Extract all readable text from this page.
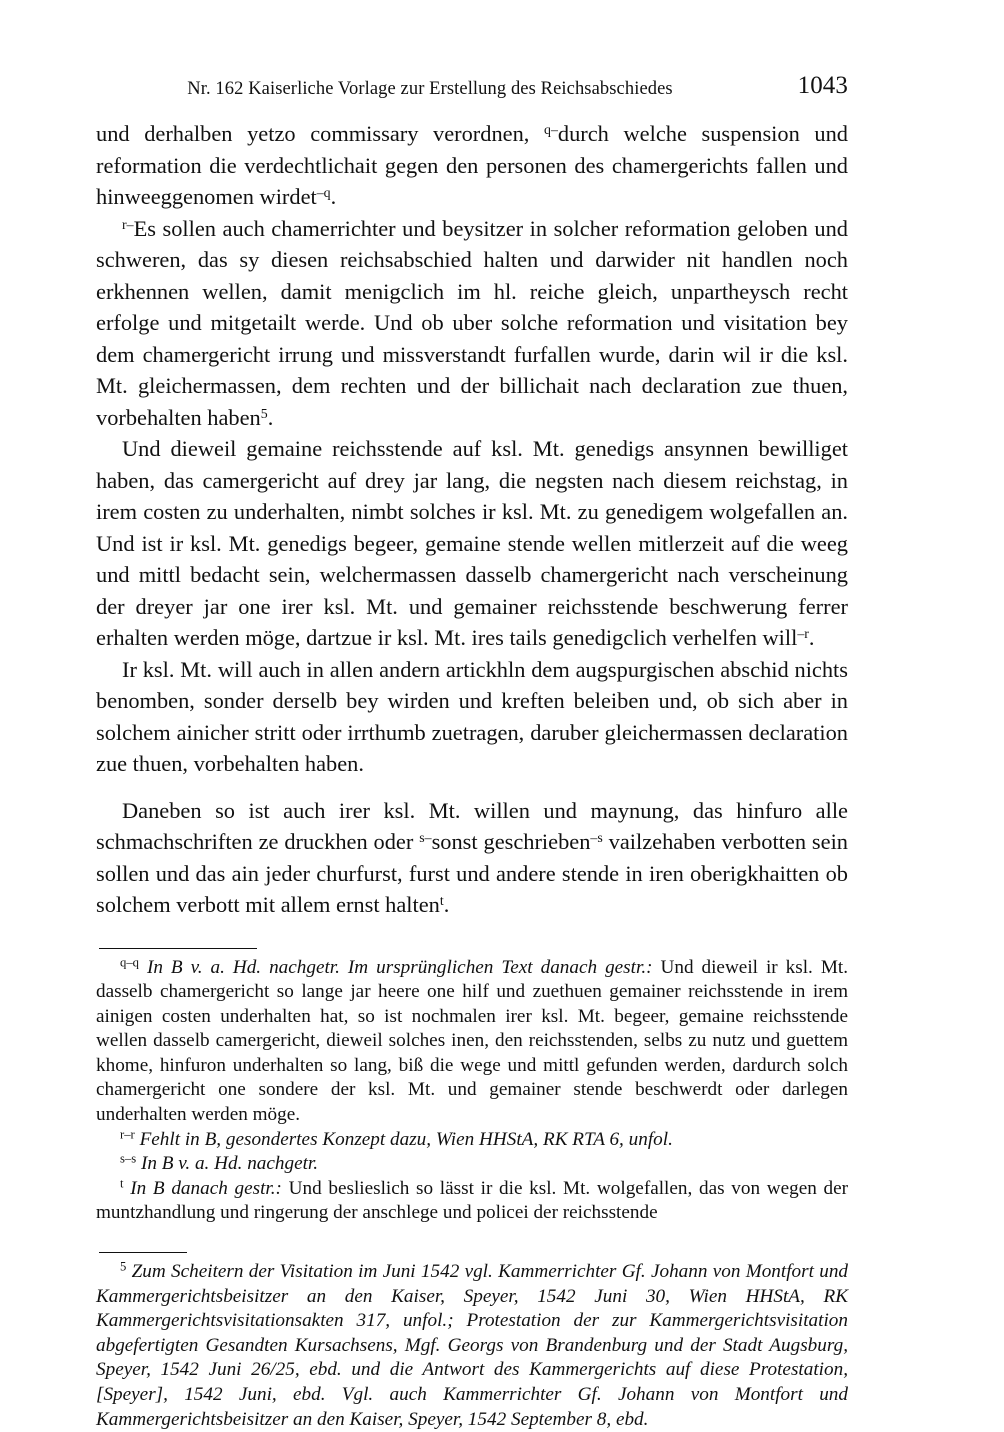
Nr. 162 Kaiserliche Vorlage zur Erstellung des Reichsabschiedes	1043

und derhalben yetzo commissary verordnen, $^{q-}$durch welche suspension und reformation die verdechtlichait gegen den personen des chamergerichts fallen und hinweeggenomen wirdet$^{-q}$.

$^{r-}$Es sollen auch chamerrichter und beysitzer in solcher reformation geloben und schweren, das sy diesen reichsabschied halten und darwider nit handlen noch erkhennen wellen, damit menigclich im hl. reiche gleich, unpartheysch recht erfolge und mitgetailt werde. Und ob uber solche reformation und visitation bey dem chamergericht irrung und missverstandt furfallen wurde, darin wil ir die ksl. Mt. gleichermassen, dem rechten und der billichait nach declaration zue thuen, vorbehalten haben$^5$.

Und dieweil gemaine reichsstende auf ksl. Mt. genedigs ansynnen bewilliget haben, das camergericht auf drey jar lang, die negsten nach diesem reichstag, in irem costen zu underhalten, nimbt solches ir ksl. Mt. zu genedigem wolgefallen an. Und ist ir ksl. Mt. genedigs begeer, gemaine stende wellen mitlerzeit auf die weeg und mittl bedacht sein, welchermassen dasselb chamergericht nach verscheinung der dreyer jar one irer ksl. Mt. und gemainer reichsstende beschwerung ferrer erhalten werden möge, dartzue ir ksl. Mt. ires tails genedigclich verhelfen will$^{-r}$.

Ir ksl. Mt. will auch in allen andern artickhln dem augspurgischen abschid nichts benomben, sonder derselb bey wirden und kreften beleiben und, ob sich aber in solchem ainicher stritt oder irrthumb zuetragen, daruber gleichermassen declaration zue thuen, vorbehalten haben.

Daneben so ist auch irer ksl. Mt. willen und maynung, das hinfuro alle schmachschriften ze druckhen oder $^{s-}$sonst geschrieben$^{-s}$ vailzehaben verbotten sein sollen und das ain jeder churfurst, furst und andere stende in iren oberigkhaitten ob solchem verbott mit allem ernst halten$^t$.

$^{q-q}$ In B v. a. Hd. nachgetr. Im ursprünglichen Text danach gestr.: Und dieweil ir ksl. Mt. dasselb chamergericht so lange jar heere one hilf und zuethuen gemainer reichsstende in irem ainigen costen underhalten hat, so ist nochmalen irer ksl. Mt. begeer, gemaine reichsstende wellen dasselb camergericht, dieweil solches inen, den reichsstenden, selbs zu nutz und guettem khome, hinfuron underhalten so lang, biß die wege und mittl gefunden werden, dardurch solch chamergericht one sondere der ksl. Mt. und gemainer stende beschwerdt oder darlegen underhalten werden möge.

$^{r-r}$ Fehlt in B, gesondertes Konzept dazu, Wien HHStA, RK RTA 6, unfol.

$^{s-s}$ In B v. a. Hd. nachgetr.

$^t$ In B danach gestr.: Und beslieslich so lässt ir die ksl. Mt. wolgefallen, das von wegen der muntzhandlung und ringerung der anschlege und policei der reichsstende

$^5$ Zum Scheitern der Visitation im Juni 1542 vgl. Kammerrichter Gf. Johann von Montfort und Kammergerichtsbeisitzer an den Kaiser, Speyer, 1542 Juni 30, Wien HHStA, RK Kammergerichtsvisitationsakten 317, unfol.; Protestation der zur Kammergerichtsvisitation abgefertigten Gesandten Kursachsens, Mgf. Georgs von Brandenburg und der Stadt Augsburg, Speyer, 1542 Juni 26/25, ebd. und die Antwort des Kammergerichts auf diese Protestation, [Speyer], 1542 Juni, ebd. Vgl. auch Kammerrichter Gf. Johann von Montfort und Kammergerichtsbeisitzer an den Kaiser, Speyer, 1542 September 8, ebd.
